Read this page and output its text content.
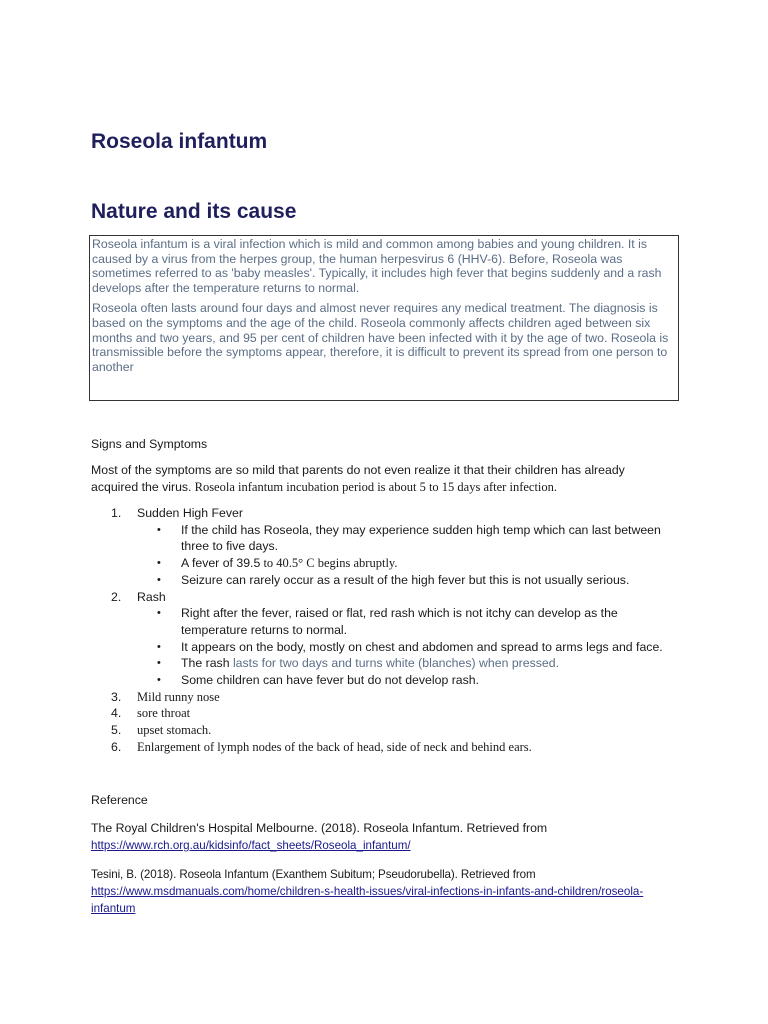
Roseola infantum
Nature and its cause

Roseola infantum is a viral infection which is mild and common among babies and young children. It is caused by a virus from the herpes group, the human herpesvirus 6 (HHV-6). Before, Roseola was sometimes referred to as 'baby measles'. Typically, it includes high fever that begins suddenly and a rash develops after the temperature returns to normal.

Roseola often lasts around four days and almost never requires any medical treatment. The diagnosis is based on the symptoms and the age of the child. Roseola commonly affects children aged between six months and two years, and 95 per cent of children have been infected with it by the age of two. Roseola is transmissible before the symptoms appear, therefore, it is difficult to prevent its spread from one person to another

Signs and Symptoms
Most of the symptoms are so mild that parents do not even realize it that their children has already acquired the virus. Roseola infantum incubation period is about 5 to 15 days after infection.
1. Sudden High Fever
• If the child has Roseola, they may experience sudden high temp which can last between three to five days.
• A fever of 39.5 to 40.5° C begins abruptly.
• Seizure can rarely occur as a result of the high fever but this is not usually serious.
2. Rash
• Right after the fever, raised or flat, red rash which is not itchy can develop as the temperature returns to normal.
• It appears on the body, mostly on chest and abdomen and spread to arms legs and face.
• The rash lasts for two days and turns white (blanches) when pressed.
• Some children can have fever but do not develop rash.
3. Mild runny nose
4. sore throat
5. upset stomach.
6. Enlargement of lymph nodes of the back of head, side of neck and behind ears.
Reference
The Royal Children's Hospital Melbourne. (2018). Roseola Infantum. Retrieved from
https://www.rch.org.au/kidsinfo/fact_sheets/Roseola_infantum/
Tesini, B. (2018). Roseola Infantum (Exanthem Subitum; Pseudorubella). Retrieved from
https://www.msdmanuals.com/home/children-s-health-issues/viral-infections-in-infants-and-children/roseola-infantum
